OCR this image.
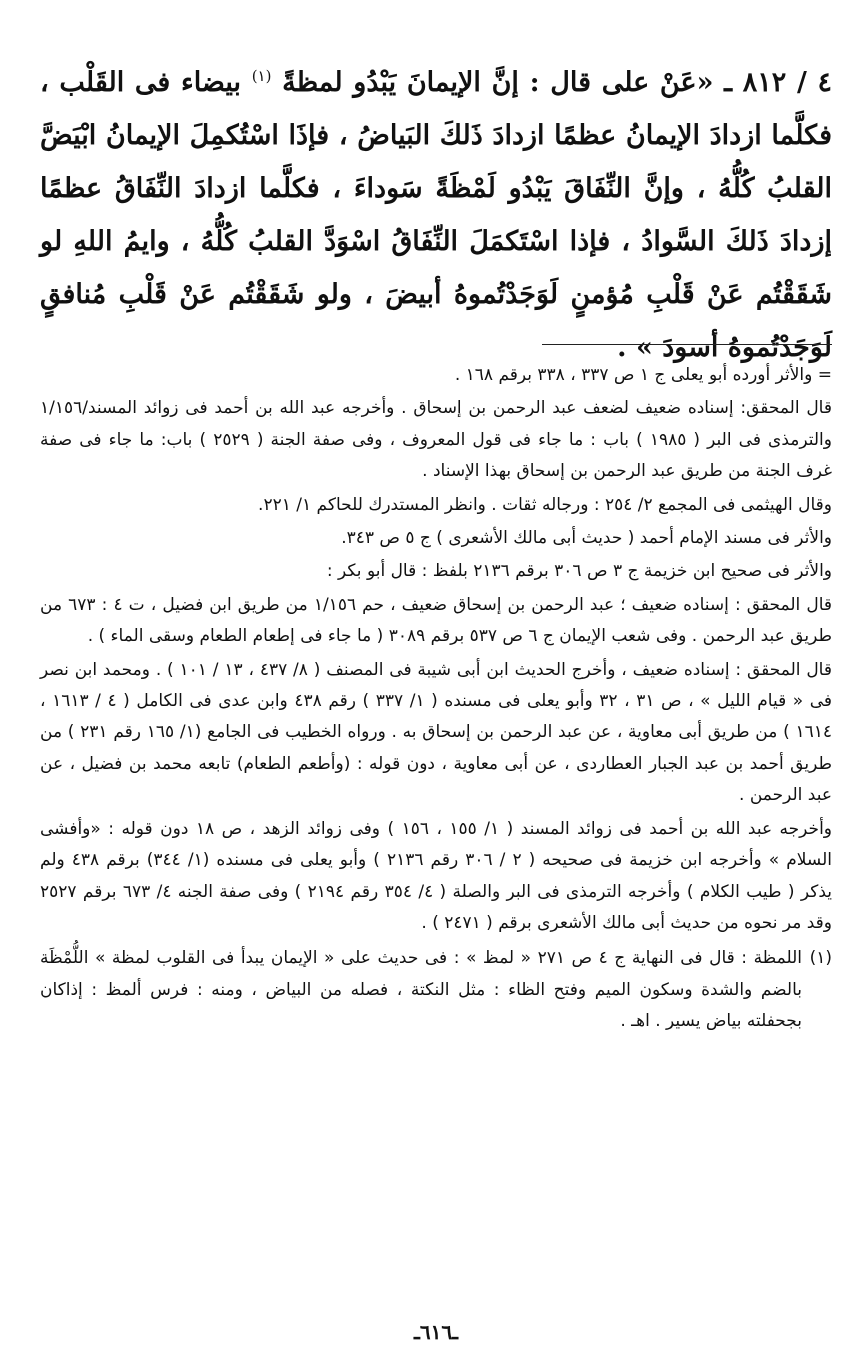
٤ / ٨١٢ ـ «عَنْ على قال : إنَّ الإيمانَ يَبْدُو لمظةً $^{(١)}$ بيضاء فى القَلْب ، فكلَّما ازدادَ الإيمانُ عظمًا ازدادَ ذَلكَ البَياضُ ، فإذَا اسْتُكمِلَ الإيمانُ ابْيَضَّ القلبُ كُلُّهُ ، وإنَّ النِّفَاقَ يَبْدُو لَمْظَةً سَوداءَ ، فكلَّما ازدادَ النِّفَاقُ عظمًا إزدادَ ذَلكَ السَّوادُ ، فإذا اسْتَكمَلَ النِّفَاقُ اسْوَدَّ القلبُ كُلُّهُ ، وايمُ اللهِ لو شَقَقْتُم عَنْ قَلْبِ مُؤمنٍ لَوَجَدْتُموهُ أبيضَ ، ولو شَقَقْتُم عَنْ قَلْبِ مُنافقٍ لَوَجَدْتُموهُ أسودَ » .

= والأثر أورده أبو يعلى ج ١ ص ٣٣٧ ، ٣٣٨ برقم ١٦٨ .

قال المحقق: إسناده ضعيف لضعف عبد الرحمن بن إسحاق . وأخرجه عبد الله بن أحمد فى زوائد المسند/١/١٥٦ والترمذى فى البر ( ١٩٨٥ ) باب : ما جاء فى قول المعروف ، وفى صفة الجنة ( ٢٥٢٩ ) باب: ما جاء فى صفة غرف الجنة من طريق عبد الرحمن بن إسحاق بهذا الإسناد .

وقال الهيثمى فى المجمع ٢/ ٢٥٤ : ورجاله ثقات . وانظر المستدرك للحاكم ١/ ٢٢١.

والأثر فى مسند الإمام أحمد ( حديث أبى مالك الأشعرى ) ج ٥ ص ٣٤٣.

والأثر فى صحيح ابن خزيمة ج ٣ ص ٣٠٦ برقم ٢١٣٦ بلفظ : قال أبو بكر :

قال المحقق : إسناده ضعيف ؛ عبد الرحمن بن إسحاق ضعيف ، حم ١/١٥٦ من طريق ابن فضيل ، ت ٤ : ٦٧٣ من طريق عبد الرحمن . وفى شعب الإيمان ج ٦ ص ٥٣٧ برقم ٣٠٨٩ ( ما جاء فى إطعام الطعام وسقى الماء ) .

قال المحقق : إسناده ضعيف ، وأخرج الحديث ابن أبى شيبة فى المصنف ( ٨/ ٤٣٧ ، ١٣ / ١٠١ ) . ومحمد ابن نصر فى « قيام الليل » ، ص ٣١ ، ٣٢ وأبو يعلى فى مسنده ( ١/ ٣٣٧ ) رقم ٤٣٨ وابن عدى فى الكامل ( ٤ / ١٦١٣ ، ١٦١٤ ) من طريق أبى معاوية ، عن عبد الرحمن بن إسحاق به . ورواه الخطيب فى الجامع (١/ ١٦٥ رقم ٢٣١ ) من طريق أحمد بن عبد الجبار العطاردى ، عن أبى معاوية ، دون قوله : (وأطعم الطعام) تابعه محمد بن فضيل ، عن عبد الرحمن .

وأخرجه عبد الله بن أحمد فى زوائد المسند ( ١/ ١٥٥ ، ١٥٦ ) وفى زوائد الزهد ، ص ١٨ دون قوله : «وأفشى السلام » وأخرجه ابن خزيمة فى صحيحه ( ٢ / ٣٠٦ رقم ٢١٣٦ ) وأبو يعلى فى مسنده (١/ ٣٤٤) برقم ٤٣٨ ولم يذكر ( طيب الكلام ) وأخرجه الترمذى فى البر والصلة ( ٤/ ٣٥٤ رقم ٢١٩٤ ) وفى صفة الجنه ٤/ ٦٧٣ برقم ٢٥٢٧ وقد مر نحوه من حديث أبى مالك الأشعرى برقم ( ٢٤٧١ ) .

(١)
اللمظة : قال فى النهاية ج ٤ ص ٢٧١ « لمظ » : فى حديث على « الإيمان يبدأ فى القلوب لمظة » اللُّمْظَة بالضم والشدة وسكون الميم وفتح الظاء : مثل النكتة ، فصله من البياض ، ومنه : فرس ألمظ : إذاكان بجحفلته بياض يسير . اهـ .

ـ٦١٦ـ
